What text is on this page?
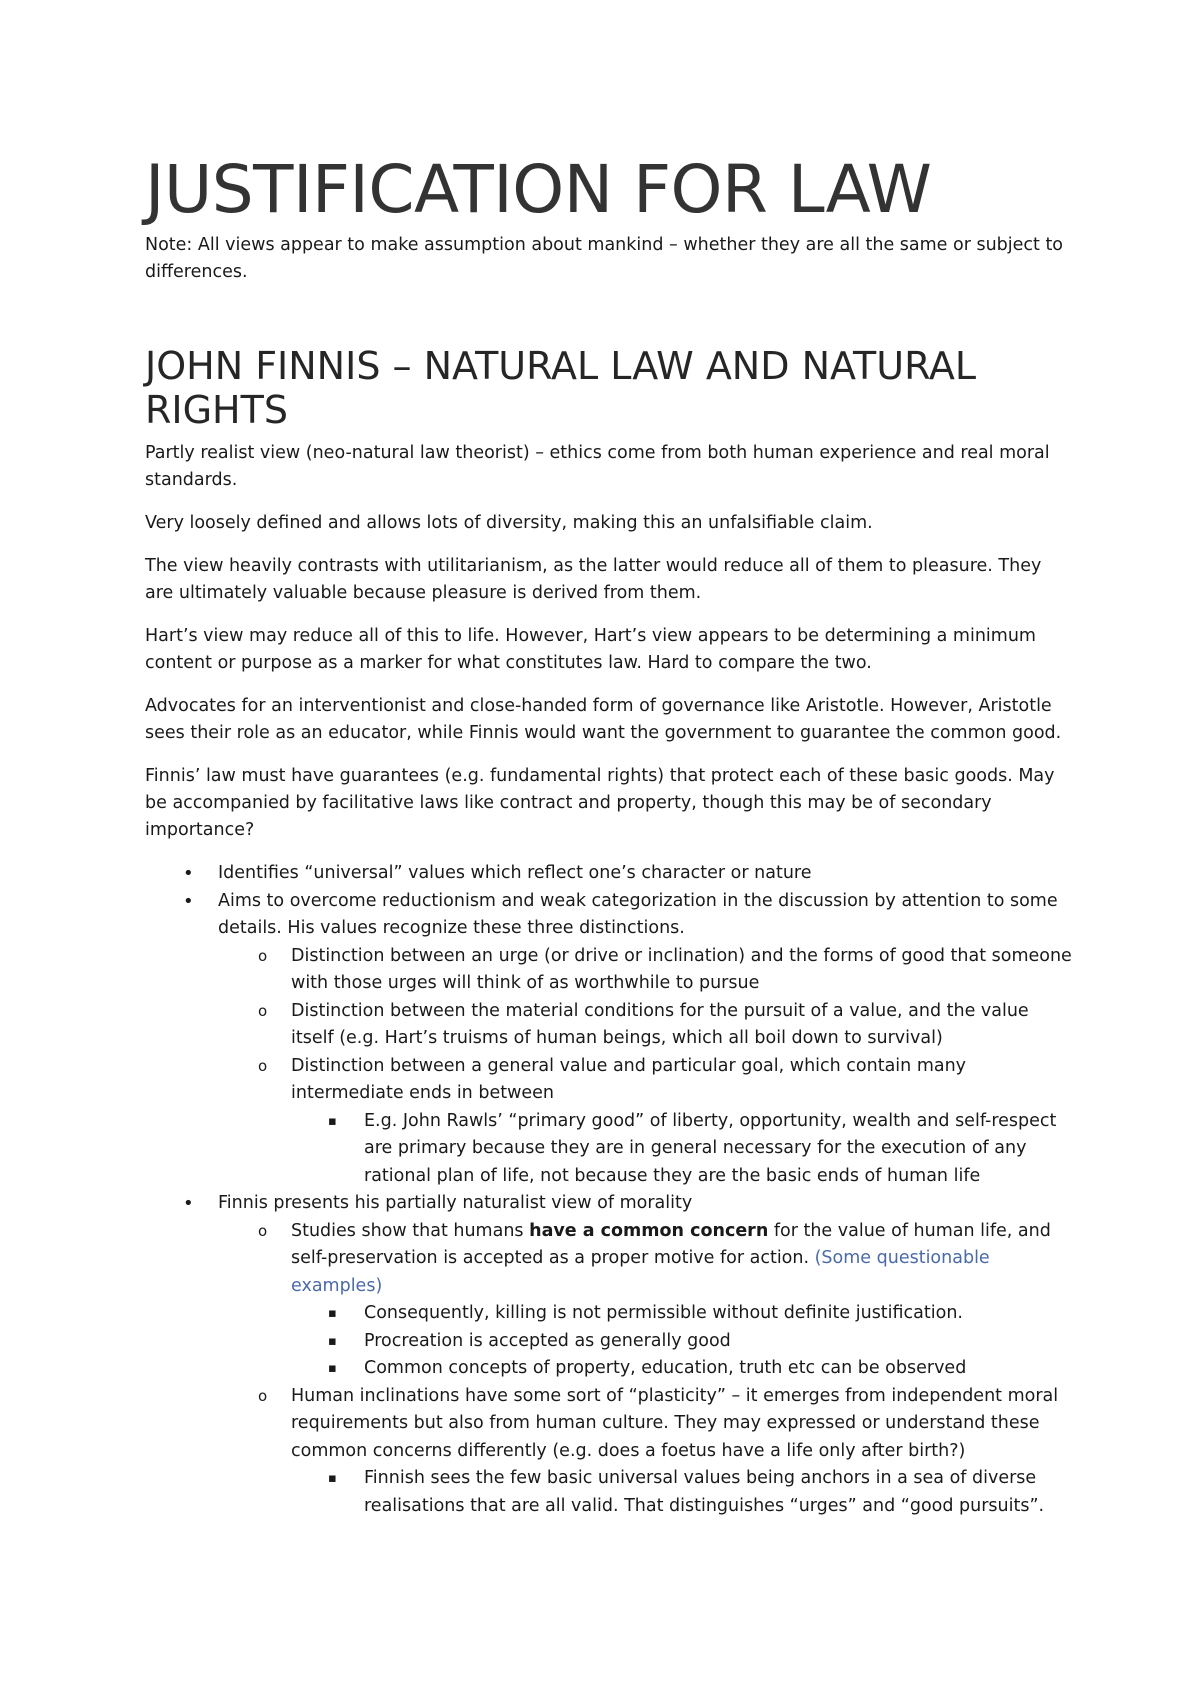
JUSTIFICATION FOR LAW

Note: All views appear to make assumption about mankind – whether they are all the same or subject to differences.

JOHN FINNIS – NATURAL LAW AND NATURAL RIGHTS

Partly realist view (neo-natural law theorist) – ethics come from both human experience and real moral standards.

Very loosely defined and allows lots of diversity, making this an unfalsifiable claim.

The view heavily contrasts with utilitarianism, as the latter would reduce all of them to pleasure. They are ultimately valuable because pleasure is derived from them.

Hart’s view may reduce all of this to life. However, Hart’s view appears to be determining a minimum content or purpose as a marker for what constitutes law. Hard to compare the two.

Advocates for an interventionist and close-handed form of governance like Aristotle. However, Aristotle sees their role as an educator, while Finnis would want the government to guarantee the common good.

Finnis’ law must have guarantees (e.g. fundamental rights) that protect each of these basic goods. May be accompanied by facilitative laws like contract and property, though this may be of secondary importance?

• Identifies “universal” values which reflect one’s character or nature
• Aims to overcome reductionism and weak categorization in the discussion by attention to some details. His values recognize these three distinctions.
o Distinction between an urge (or drive or inclination) and the forms of good that someone with those urges will think of as worthwhile to pursue
o Distinction between the material conditions for the pursuit of a value, and the value itself (e.g. Hart’s truisms of human beings, which all boil down to survival)
o Distinction between a general value and particular goal, which contain many intermediate ends in between
▪ E.g. John Rawls’ “primary good” of liberty, opportunity, wealth and self-respect are primary because they are in general necessary for the execution of any rational plan of life, not because they are the basic ends of human life
• Finnis presents his partially naturalist view of morality
o Studies show that humans have a common concern for the value of human life, and self-preservation is accepted as a proper motive for action. (Some questionable examples)
▪ Consequently, killing is not permissible without definite justification.
▪ Procreation is accepted as generally good
▪ Common concepts of property, education, truth etc can be observed
o Human inclinations have some sort of “plasticity” – it emerges from independent moral requirements but also from human culture. They may expressed or understand these common concerns differently (e.g. does a foetus have a life only after birth?)
▪ Finnish sees the few basic universal values being anchors in a sea of diverse realisations that are all valid. That distinguishes “urges” and “good pursuits”.
